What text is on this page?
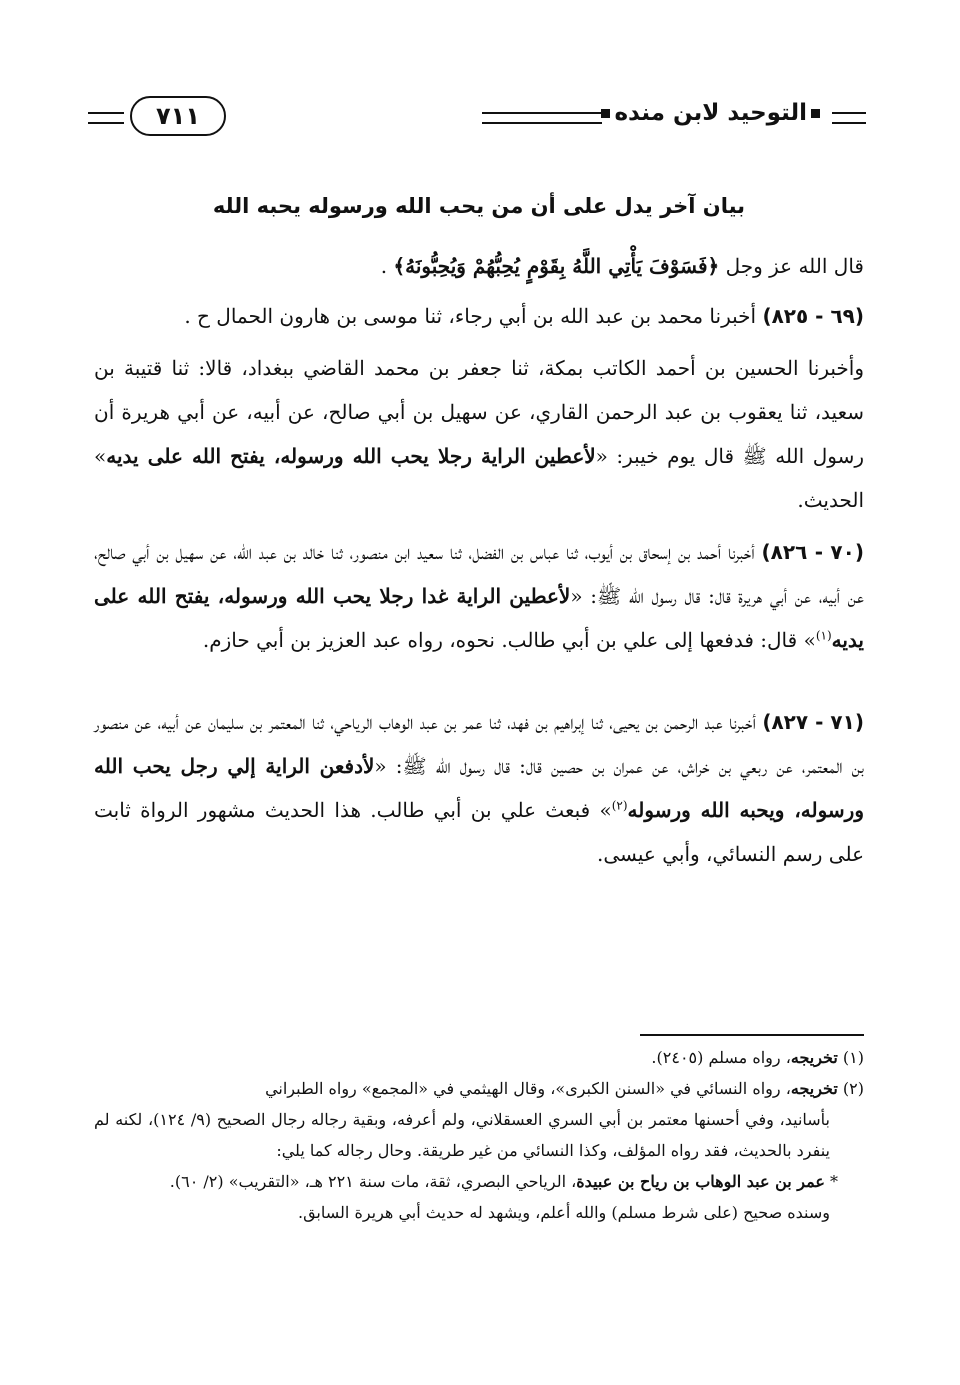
التوحيد لابن منده
٧١١
بيان آخر يدل على أن من يحب الله ورسوله يحبه الله
قال الله عز وجل ﴿فَسَوْفَ يَأْتِي اللَّهُ بِقَوْمٍ يُحِبُّهُمْ وَيُحِبُّونَهُ﴾ .
(٦٩ - ٨٢٥) أخبرنا محمد بن عبد الله بن أبي رجاء، ثنا موسى بن هارون الحمال ح .
وأخبرنا الحسين بن أحمد الكاتب بمكة، ثنا جعفر بن محمد القاضي ببغداد، قالا: ثنا قتيبة بن سعيد، ثنا يعقوب بن عبد الرحمن القاري، عن سهيل بن أبي صالح، عن أبيه، عن أبي هريرة أن رسول الله ﷺ قال يوم خيبر: «لأعطين الراية رجلا يحب الله ورسوله، يفتح الله على يديه» الحديث.
(٧٠ - ٨٢٦) أخبرنا أحمد بن إسحاق بن أيوب، ثنا عباس بن الفضل، ثنا سعيد ابن منصور، ثنا خالد بن عبد الله، عن سهيل بن أبي صالح، عن أبيه، عن أبي هريرة قال: قال رسول الله ﷺ: «لأعطين الراية غدا رجلا يحب الله ورسوله، يفتح الله على يديه$^{(١)}$» قال: فدفعها إلى علي بن أبي طالب. نحوه، رواه عبد العزيز بن أبي حازم.
(٧١ - ٨٢٧) أخبرنا عبد الرحمن بن يحيى، ثنا إبراهيم بن فهد، ثنا عمر بن عبد الوهاب الرياحي، ثنا المعتمر بن سليمان عن أبيه، عن منصور بن المعتمر، عن ربعي بن خراش، عن عمران بن حصين قال: قال رسول الله ﷺ: «لأدفعن الراية إلي رجل يحب الله ورسوله، ويحبه الله ورسوله$^{(٢)}$» فبعث علي بن أبي طالب. هذا الحديث مشهور الرواة ثابت على رسم النسائي، وأبي عيسى.
(١) تخريجه، رواه مسلم (٢٤٠٥).
(٢) تخريجه، رواه النسائي في «السنن الكبرى»، وقال الهيثمي في «المجمع» رواه الطبراني
بأسانيد، وفي أحسنها معتمر بن أبي السري العسقلاني، ولم أعرفه، وبقية رجاله رجال الصحيح (٩/ ١٢٤)، لكنه لم ينفرد بالحديث، فقد رواه المؤلف، وكذا النسائي من غير طريقة. وحال رجاله كما يلي:
* عمر بن عبد الوهاب بن رياح بن عبيدة، الرياحي البصري، ثقة، مات سنة ٢٢١ هـ، «التقريب» (٢/ ٦٠).
وسنده صحيح (على شرط مسلم) والله أعلم، ويشهد له حديث أبي هريرة السابق.
